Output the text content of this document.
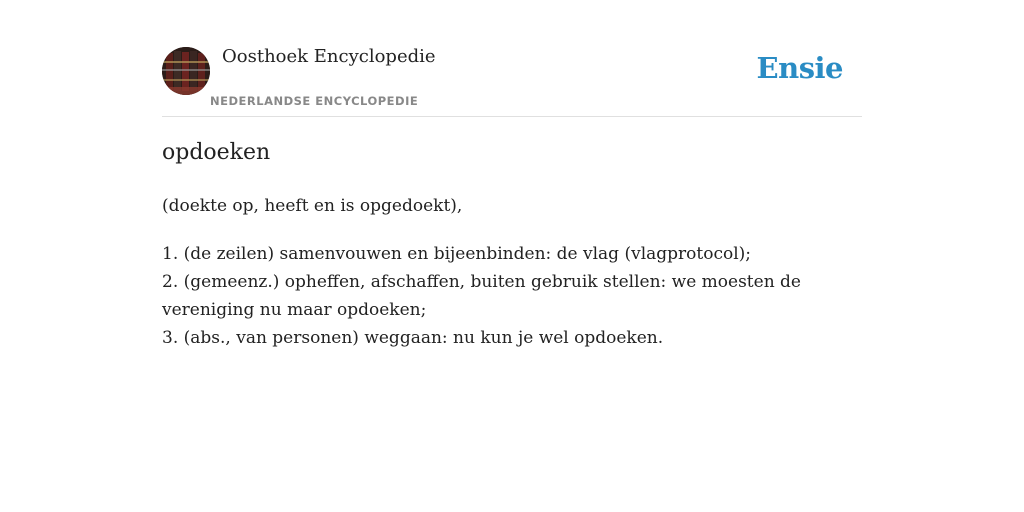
Oosthoek Encyclopedie
NEDERLANDSE ENCYCLOPEDIE
Ensie
opdoeken
(doekte op, heeft en is opgedoekt),
1. (de zeilen) samenvouwen en bijeenbinden: de vlag (vlagprotocol);
2. (gemeenz.) opheffen, afschaffen, buiten gebruik stellen: we moesten de vereniging nu maar opdoeken;
3. (abs., van personen) weggaan: nu kun je wel opdoeken.
